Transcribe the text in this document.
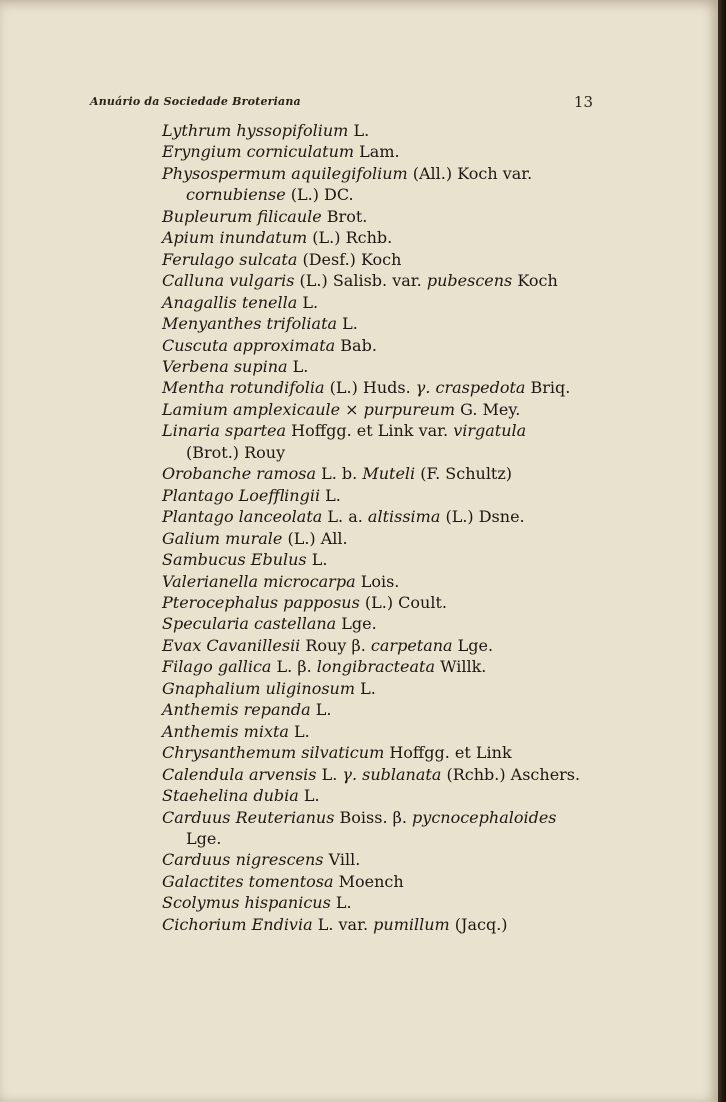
Anuário da Sociedade Broteriana	13
Lythrum hyssopifolium L.
Eryngium corniculatum Lam.
Physospermum aquilegifolium (All.) Koch var.
cornubiense (L.) DC.
Bupleurum filicaule Brot.
Apium inundatum (L.) Rchb.
Ferulago sulcata (Desf.) Koch
Calluna vulgaris (L.) Salisb. var. pubescens Koch
Anagallis tenella L.
Menyanthes trifoliata L.
Cuscuta approximata Bab.
Verbena supina L.
Mentha rotundifolia (L.) Huds. γ. craspedota Briq.
Lamium amplexicaule × purpureum G. Mey.
Linaria spartea Hoffgg. et Link var. virgatula
(Brot.) Rouy
Orobanche ramosa L. b. Muteli (F. Schultz)
Plantago Loefflingii L.
Plantago lanceolata L. a. altissima (L.) Dsne.
Galium murale (L.) All.
Sambucus Ebulus L.
Valerianella microcarpa Lois.
Pterocephalus papposus (L.) Coult.
Specularia castellana Lge.
Evax Cavanillesii Rouy β. carpetana Lge.
Filago gallica L. β. longibracteata Willk.
Gnaphalium uliginosum L.
Anthemis repanda L.
Anthemis mixta L.
Chrysanthemum silvaticum Hoffgg. et Link
Calendula arvensis L. γ. sublanata (Rchb.) Aschers.
Staehelina dubia L.
Carduus Reuterianus Boiss. β. pycnocephaloides
Lge.
Carduus nigrescens Vill.
Galactites tomentosa Moench
Scolymus hispanicus L.
Cichorium Endivia L. var. pumillum (Jacq.)
